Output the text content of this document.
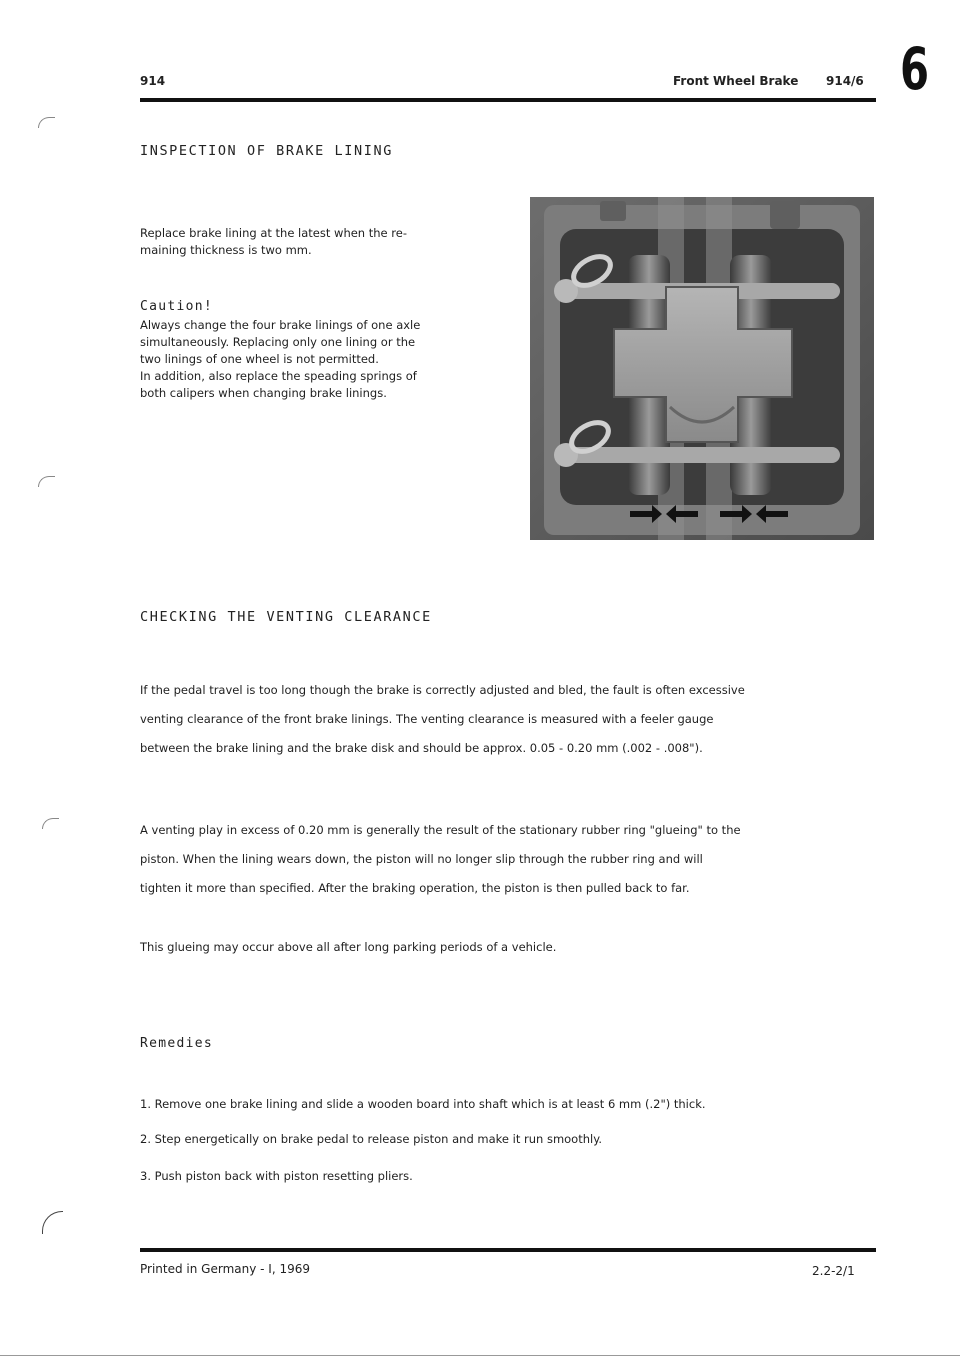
914	Front Wheel Brake 914/6 6
INSPECTION OF BRAKE LINING
Replace brake lining at the latest when the re-
maining thickness is two mm.
Caution!
Always change the four brake linings of one axle
simultaneously. Replacing only one lining or the
two linings of one wheel is not permitted.
In addition, also replace the speading springs of
both calipers when changing brake linings.
CHECKING THE VENTING CLEARANCE
If the pedal travel is too long though the brake is correctly adjusted and bled, the fault is often excessive
venting clearance of the front brake linings. The venting clearance is measured with a feeler gauge
between the brake lining and the brake disk and should be approx. 0.05 - 0.20 mm (.002 - .008").
A venting play in excess of 0.20 mm is generally the result of the stationary rubber ring "glueing" to the
piston. When the lining wears down, the piston will no longer slip through the rubber ring and will
tighten it more than specified. After the braking operation, the piston is then pulled back to far.
This glueing may occur above all after long parking periods of a vehicle.
Remedies
1. Remove one brake lining and slide a wooden board into shaft which is at least 6 mm (.2") thick.
2. Step energetically on brake pedal to release piston and make it run smoothly.
3. Push piston back with piston resetting pliers.
Printed in Germany - I, 1969	2.2-2/1
